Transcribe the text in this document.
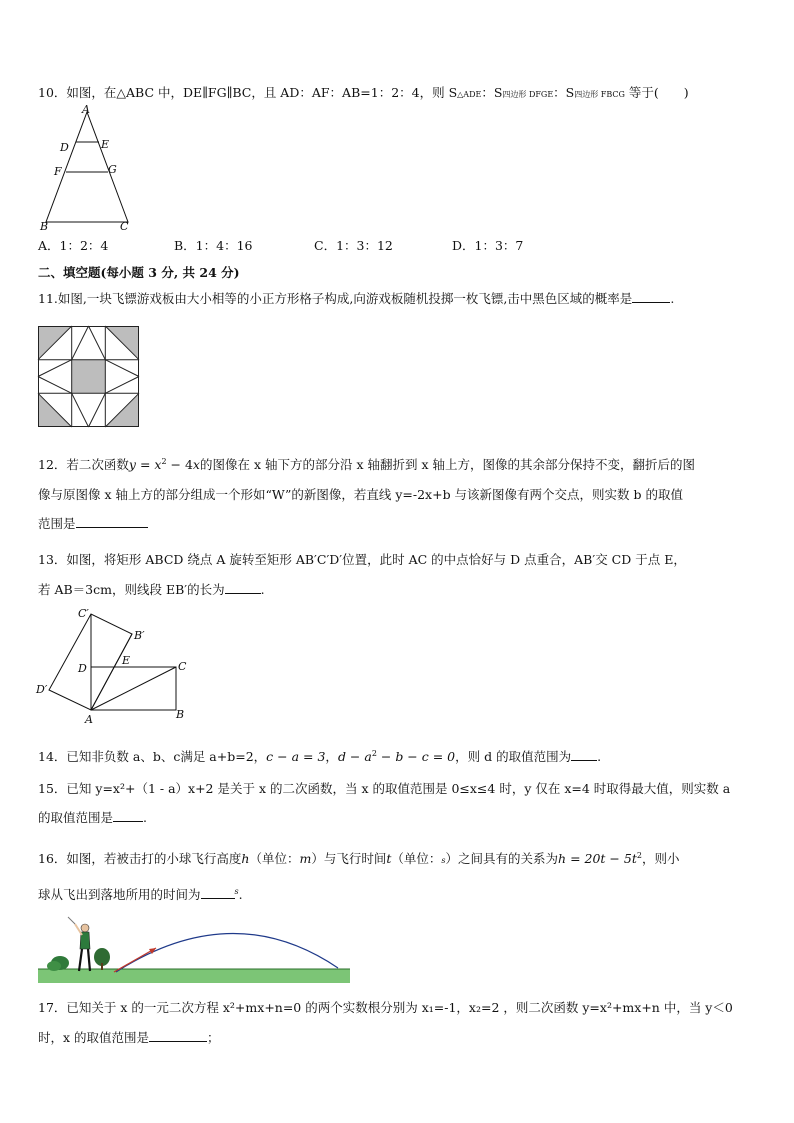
10．如图，在△ABC 中，DE∥FG∥BC，且 AD：AF：AB=1：2：4，则 S△ADE：S四边形 DFGE：S四边形 FBCG 等于(　　)
A
D	E
F	G
B	C
A．1：2：4	B．1：4：16	C．1：3：12	D．1：3：7
二、填空题(每小题 3 分, 共 24 分)
11.如图,一块飞镖游戏板由大小相等的小正方形格子构成,向游戏板随机投掷一枚飞镖,击中黑色区域的概率是	.
12．若二次函数$y = x^2 - 4x$的图像在 x 轴下方的部分沿 x 轴翻折到 x 轴上方，图像的其余部分保持不变，翻折后的图
像与原图像 x 轴上方的部分组成一个形如“W”的新图像，若直线 y=-2x+b 与该新图像有两个交点，则实数 b 的取值
范围是
13．如图，将矩形 ABCD 绕点 A 旋转至矩形 AB′C′D′位置，此时 AC 的中点恰好与 D 点重合，AB′交 CD 于点 E，
若 AB＝3cm，则线段 EB′的长为	.
C′
B′
D
E	C
D′
A	B
14．已知非负数 a、b、c满足 a+b=2，c − a = 3，$d - a^2 - b - c = 0$，则 d 的取值范围为 .
15．已知 y=x²+（1 - a）x+2 是关于 x 的二次函数，当 x 的取值范围是 0≤x≤4 时，y 仅在 x=4 时取得最大值，则实数 a
的取值范围是 .
16．如图，若被击打的小球飞行高度h（单位：m）与飞行时间t（单位：s）之间具有的关系为$h = 20t - 5t^2$，则小
球从飞出到落地所用的时间为	$^s$.
17．已知关于 x 的一元二次方程 x²+mx+n=0 的两个实数根分别为 x₁=-1，x₂=2 ，则二次函数 y=x²+mx+n 中，当 y＜0
时，x 的取值范围是	；
